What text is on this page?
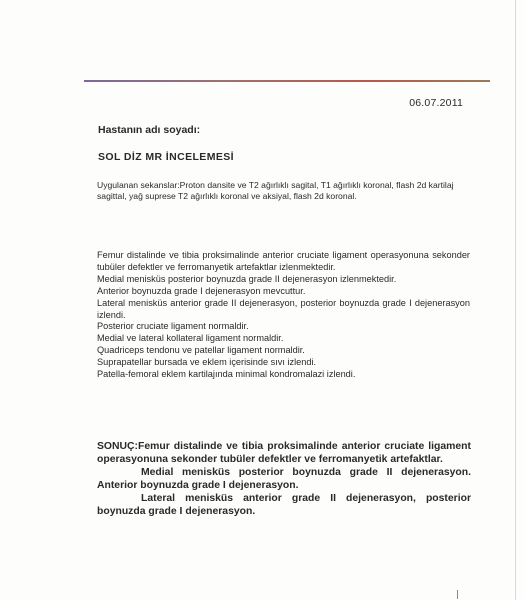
06.07.2011
Hastanın adı soyadı:
SOL DİZ MR İNCELEMESİ
Uygulanan sekanslar:Proton dansite ve T2 ağırlıklı sagital, T1 ağırlıklı koronal, flash 2d kartilaj sagittal, yağ suprese T2 ağırlıklı koronal ve aksiyal, flash 2d koronal.

Femur distalinde ve tibia proksimalinde anterior cruciate ligament operasyonuna sekonder tubüler defektler ve ferromanyetik artefaktlar izlenmektedir.

Medial menisküs posterior boynuzda grade II dejenerasyon izlenmektedir.

Anterior boynuzda grade I dejenerasyon mevcuttur.

Lateral menisküs anterior grade II dejenerasyon, posterior boynuzda grade I dejenerasyon izlendi.

Posterior cruciate ligament normaldir.

Medial ve lateral kollateral ligament normaldir.

Quadriceps tendonu ve patellar ligament normaldir.

Suprapatellar bursada ve eklem içerisinde sıvı izlendi.

Patella-femoral eklem kartilajında minimal kondromalazi izlendi.

SONUÇ:Femur distalinde ve tibia proksimalinde anterior cruciate ligament operasyonuna sekonder tubüler defektler ve ferromanyetik artefaktlar.

Medial menisküs posterior boynuzda grade II dejenerasyon. Anterior boynuzda grade I dejenerasyon.

Lateral menisküs anterior grade II dejenerasyon, posterior boynuzda grade I dejenerasyon.
